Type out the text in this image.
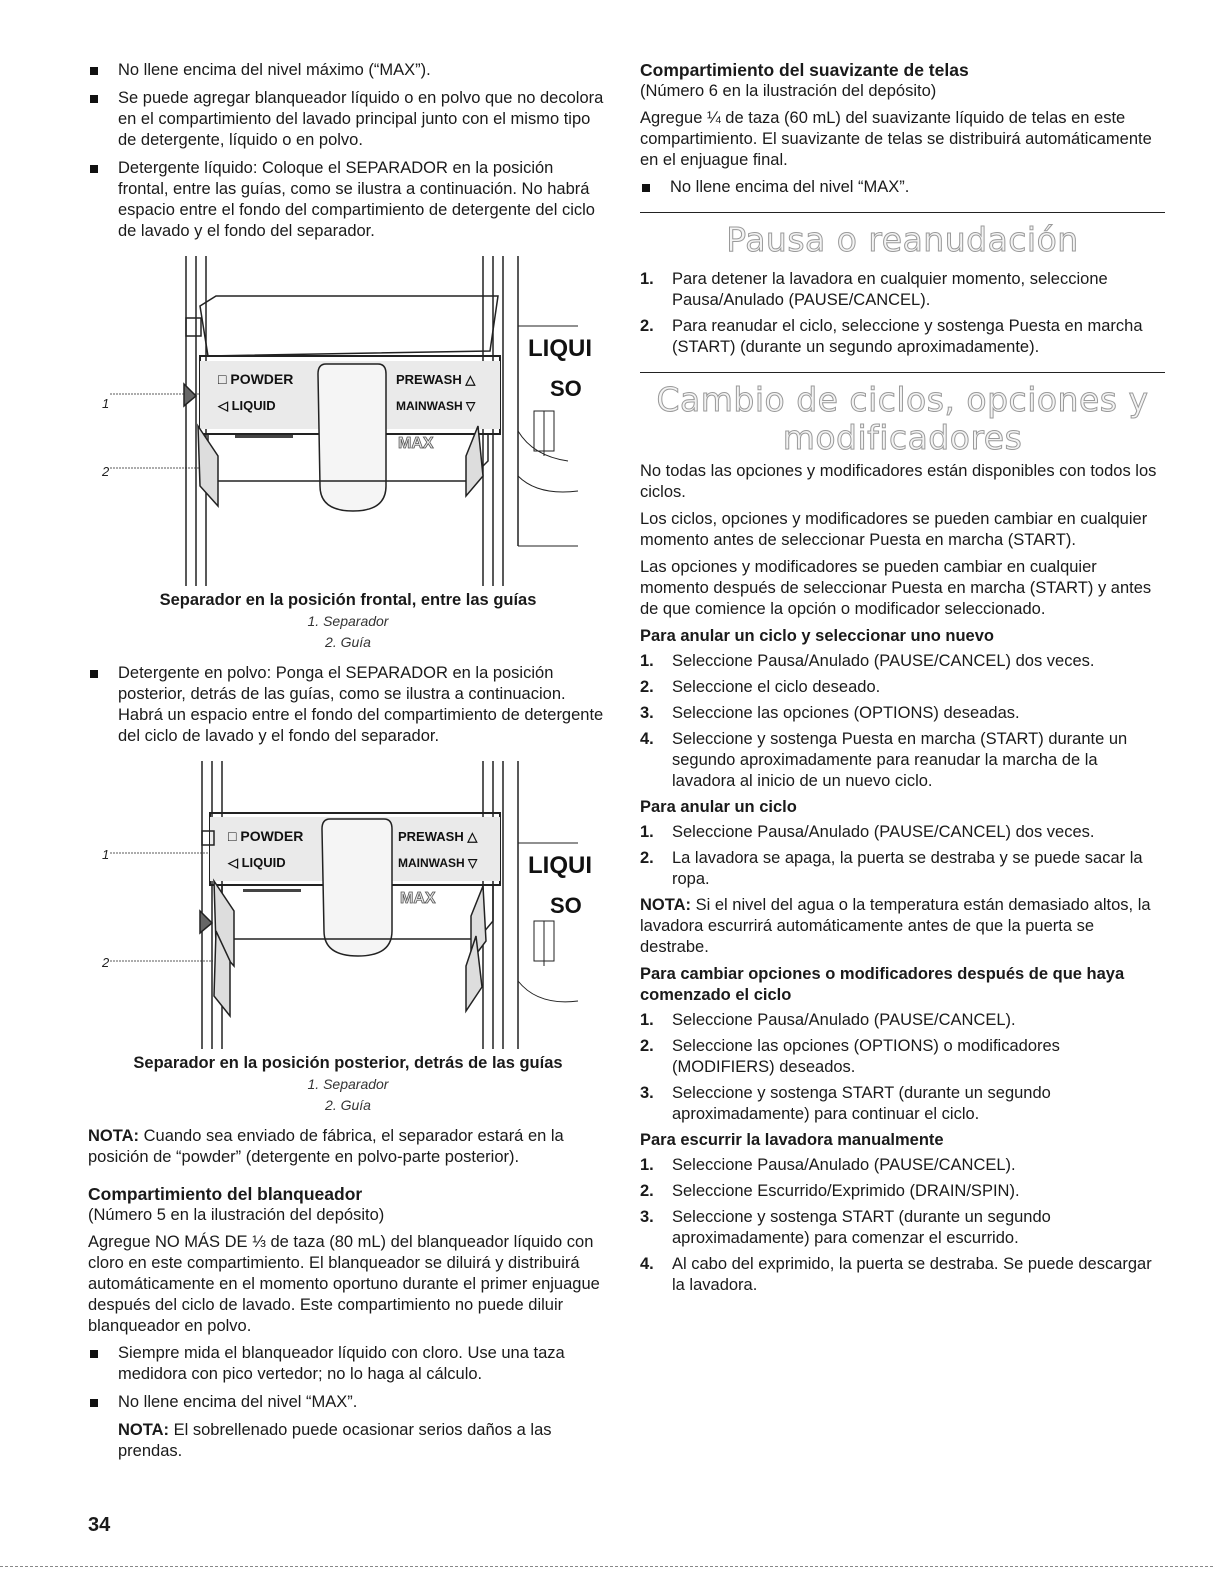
No llene encima del nivel máximo (“MAX”).
Se puede agregar blanqueador líquido o en polvo que no decolora en el compartimiento del lavado principal junto con el mismo tipo de detergente, líquido o en polvo.
Detergente líquido: Coloque el SEPARADOR en la posición frontal, entre las guías, como se ilustra a continuación. No habrá espacio entre el fondo del compartimiento de detergente del ciclo de lavado y el fondo del separador.
□ POWDER
◁ LIQUID
PREWASH △
MAINWASH ▽
MAX
LIQUI
SO
1
2
Separador en la posición frontal, entre las guías
1. Separador
2. Guía
Detergente en polvo: Ponga el SEPARADOR en la posición posterior, detrás de las guías, como se ilustra a continuacion. Habrá un espacio entre el fondo del compartimiento de detergente del ciclo de lavado y el fondo del separador.
□ POWDER
◁ LIQUID
PREWASH △
MAINWASH ▽
MAX
LIQUI
SO
1
2
Separador en la posición posterior, detrás de las guías
1. Separador
2. Guía

NOTA: Cuando sea enviado de fábrica, el separador estará en la posición de “powder” (detergente en polvo-parte posterior).

Compartimiento del blanqueador

(Número 5 en la ilustración del depósito)

Agregue NO MÁS DE ⅓ de taza (80 mL) del blanqueador líquido con cloro en este compartimiento. El blanqueador se diluirá y distribuirá automáticamente en el momento oportuno durante el primer enjuague después del ciclo de lavado. Este compartimiento no puede diluir blanqueador en polvo.

Siempre mida el blanqueador líquido con cloro. Use una taza medidora con pico vertedor; no lo haga al cálculo.
No llene encima del nivel “MAX”.

NOTA: El sobrellenado puede ocasionar serios daños a las prendas.

Compartimiento del suavizante de telas

(Número 6 en la ilustración del depósito)

Agregue ¼ de taza (60 mL) del suavizante líquido de telas en este compartimiento. El suavizante de telas se distribuirá automáticamente en el enjuague final.

No llene encima del nivel “MAX”.
Pausa o reanudación
1. Para detener la lavadora en cualquier momento, seleccione Pausa/Anulado (PAUSE/CANCEL).
2. Para reanudar el ciclo, seleccione y sostenga Puesta en marcha (START) (durante un segundo aproximadamente).
Cambio de ciclos, opciones y
modificadores

No todas las opciones y modificadores están disponibles con todos los ciclos.

Los ciclos, opciones y modificadores se pueden cambiar en cualquier momento antes de seleccionar Puesta en marcha (START).

Las opciones y modificadores se pueden cambiar en cualquier momento después de seleccionar Puesta en marcha (START) y antes de que comience la opción o modificador seleccionado.

Para anular un ciclo y seleccionar uno nuevo

1. Seleccione Pausa/Anulado (PAUSE/CANCEL) dos veces.
2. Seleccione el ciclo deseado.
3. Seleccione las opciones (OPTIONS) deseadas.
4. Seleccione y sostenga Puesta en marcha (START) durante un segundo aproximadamente para reanudar la marcha de la lavadora al inicio de un nuevo ciclo.

Para anular un ciclo

1. Seleccione Pausa/Anulado (PAUSE/CANCEL) dos veces.
2. La lavadora se apaga, la puerta se destraba y se puede sacar la ropa.

NOTA: Si el nivel del agua o la temperatura están demasiado altos, la lavadora escurrirá automáticamente antes de que la puerta se destrabe.

Para cambiar opciones o modificadores después de que haya comenzado el ciclo

1. Seleccione Pausa/Anulado (PAUSE/CANCEL).
2. Seleccione las opciones (OPTIONS) o modificadores (MODIFIERS) deseados.
3. Seleccione y sostenga START (durante un segundo aproximadamente) para continuar el ciclo.

Para escurrir la lavadora manualmente

1. Seleccione Pausa/Anulado (PAUSE/CANCEL).
2. Seleccione Escurrido/Exprimido (DRAIN/SPIN).
3. Seleccione y sostenga START (durante un segundo aproximadamente) para comenzar el escurrido.
4. Al cabo del exprimido, la puerta se destraba. Se puede descargar la lavadora.
34
